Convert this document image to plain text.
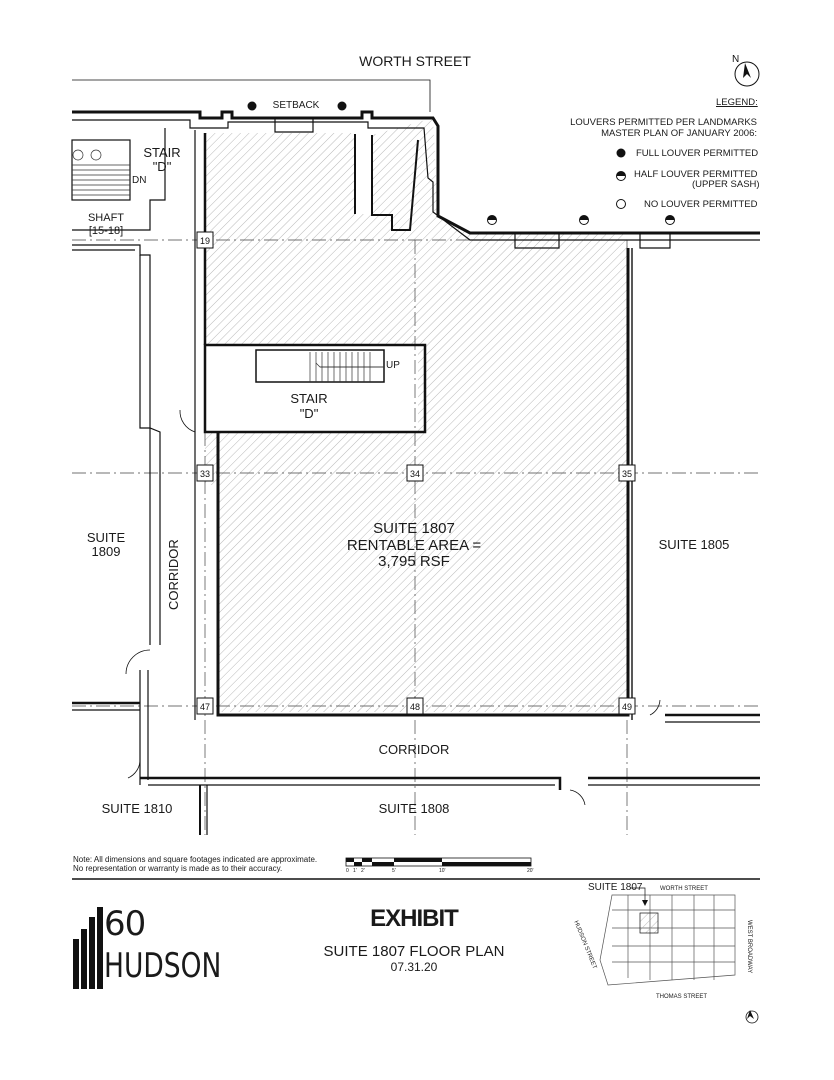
19
33	34	35
47	48	49
N
0 1' 2'	5'	10'	20'
WORTH STREET
SETBACK
STAIR
"D"
DN
SHAFT
[15-18]
UP
STAIR
"D"
SUITE 1807
RENTABLE AREA =
3,795 RSF
SUITE
1809	CORRIDOR	SUITE 1805
CORRIDOR
SUITE 1810	SUITE 1808
LEGEND:
LOUVERS PERMITTED PER LANDMARKS
MASTER PLAN OF JANUARY 2006:
FULL LOUVER PERMITTED
HALF LOUVER PERMITTED
(UPPER SASH)
NO LOUVER PERMITTED
Note: All dimensions and square footages indicated are approximate.
No representation or warranty is made as to their accuracy.
60
HUDSON
EXHIBIT
SUITE 1807 FLOOR PLAN
07.31.20
SUITE 1807	WORTH STREET
HUDSON STREET	WEST BROADWAY
THOMAS STREET
